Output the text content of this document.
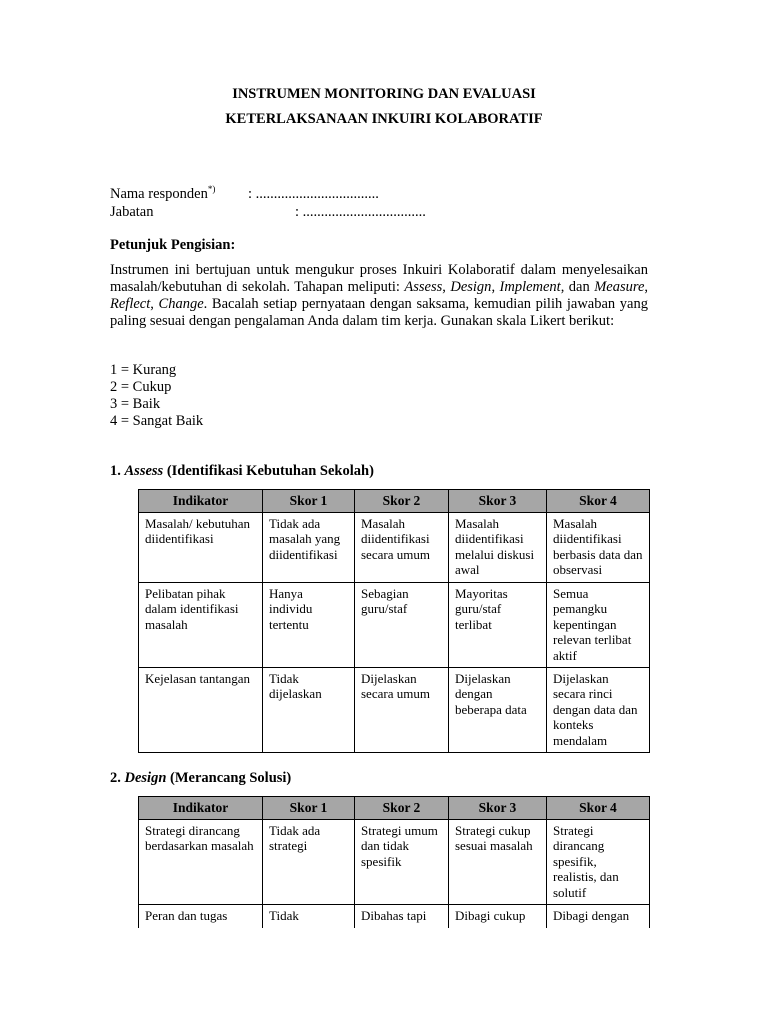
INSTRUMEN MONITORING DAN EVALUASI
KETERLAKSANAAN INKUIRI KOLABORATIF
Nama responden*) : ..................................
Jabatan	: ..................................
Petunjuk Pengisian:
Instrumen ini bertujuan untuk mengukur proses Inkuiri Kolaboratif dalam menyelesaikan masalah/kebutuhan di sekolah. Tahapan meliputi: Assess, Design, Implement, dan Measure, Reflect, Change. Bacalah setiap pernyataan dengan saksama, kemudian pilih jawaban yang paling sesuai dengan pengalaman Anda dalam tim kerja. Gunakan skala Likert berikut:
1 = Kurang
2 = Cukup
3 = Baik
4 = Sangat Baik
1. Assess (Identifikasi Kebutuhan Sekolah)
Indikator	Skor 1	Skor 2	Skor 3	Skor 4
Masalah/ kebutuhan diidentifikasi	Tidak ada masalah yang diidentifikasi	Masalah diidentifikasi secara umum	Masalah diidentifikasi melalui diskusi awal	Masalah diidentifikasi berbasis data dan observasi
Pelibatan pihak dalam identifikasi masalah	Hanya individu tertentu	Sebagian guru/staf	Mayoritas guru/staf terlibat	Semua pemangku kepentingan relevan terlibat aktif
Kejelasan tantangan	Tidak dijelaskan	Dijelaskan secara umum	Dijelaskan dengan beberapa data	Dijelaskan secara rinci dengan data dan konteks mendalam
2. Design (Merancang Solusi)
Indikator	Skor 1	Skor 2	Skor 3	Skor 4
Strategi dirancang berdasarkan masalah	Tidak ada strategi	Strategi umum dan tidak spesifik	Strategi cukup sesuai masalah	Strategi dirancang spesifik, realistis, dan solutif
Peran dan tugas	Tidak	Dibahas tapi	Dibagi cukup	Dibagi dengan
